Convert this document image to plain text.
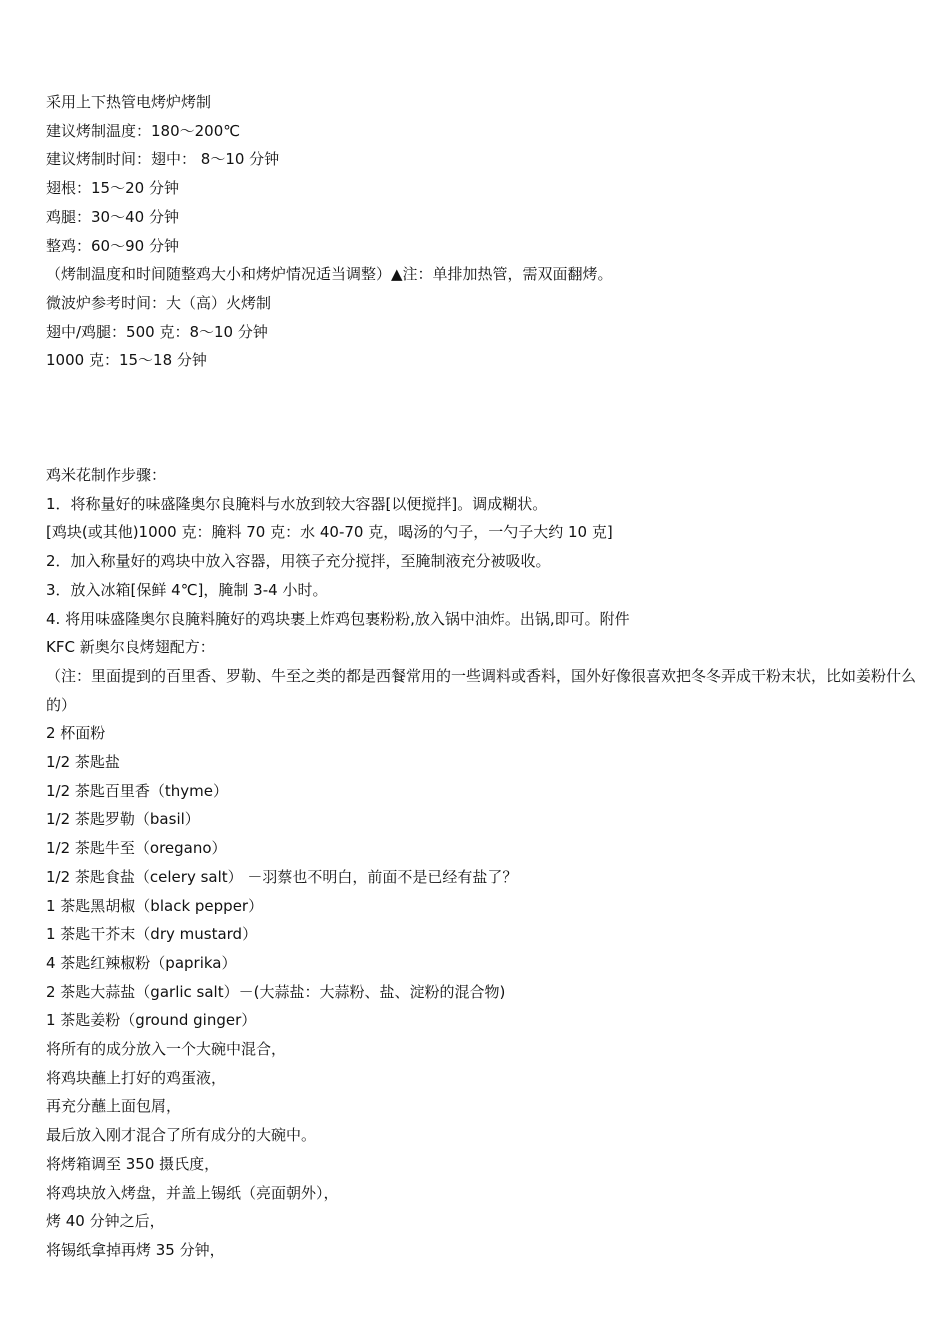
采用上下热管电烤炉烤制
建议烤制温度：180～200℃
建议烤制时间：翅中： 8～10 分钟
翅根：15～20 分钟
鸡腿：30～40 分钟
整鸡：60～90 分钟
（烤制温度和时间随整鸡大小和烤炉情况适当调整）▲注：单排加热管，需双面翻烤。
微波炉参考时间：大（高）火烤制
翅中/鸡腿：500 克：8～10 分钟
1000 克：15～18 分钟
鸡米花制作步骤：
1．将称量好的味盛隆奥尔良腌料与水放到较大容器[以便搅拌]。调成糊状。
[鸡块(或其他)1000 克：腌料 70 克：水 40-70 克，喝汤的勺子，一勺子大约 10 克]
2．加入称量好的鸡块中放入容器，用筷子充分搅拌，至腌制液充分被吸收。
3．放入冰箱[保鲜 4℃]，腌制 3-4 小时。
4. 将用味盛隆奥尔良腌料腌好的鸡块裹上炸鸡包裹粉粉,放入锅中油炸。出锅,即可。附件
KFC 新奥尔良烤翅配方：
（注：里面提到的百里香、罗勒、牛至之类的都是西餐常用的一些调料或香料，国外好像很喜欢把冬冬弄成干粉末状，比如姜粉什么的）
2 杯面粉
1/2 茶匙盐
1/2 茶匙百里香（thyme）
1/2 茶匙罗勒（basil）
1/2 茶匙牛至（oregano）
1/2 茶匙食盐（celery salt） －羽蔡也不明白，前面不是已经有盐了？
1 茶匙黑胡椒（black pepper）
1 茶匙干芥末（dry mustard）
4 茶匙红辣椒粉（paprika）
2 茶匙大蒜盐（garlic salt）－(大蒜盐：大蒜粉、盐、淀粉的混合物)
1 茶匙姜粉（ground ginger）
将所有的成分放入一个大碗中混合，
将鸡块蘸上打好的鸡蛋液，
再充分蘸上面包屑，
最后放入刚才混合了所有成分的大碗中。
将烤箱调至 350 摄氏度，
将鸡块放入烤盘，并盖上锡纸（亮面朝外），
烤 40 分钟之后，
将锡纸拿掉再烤 35 分钟，
